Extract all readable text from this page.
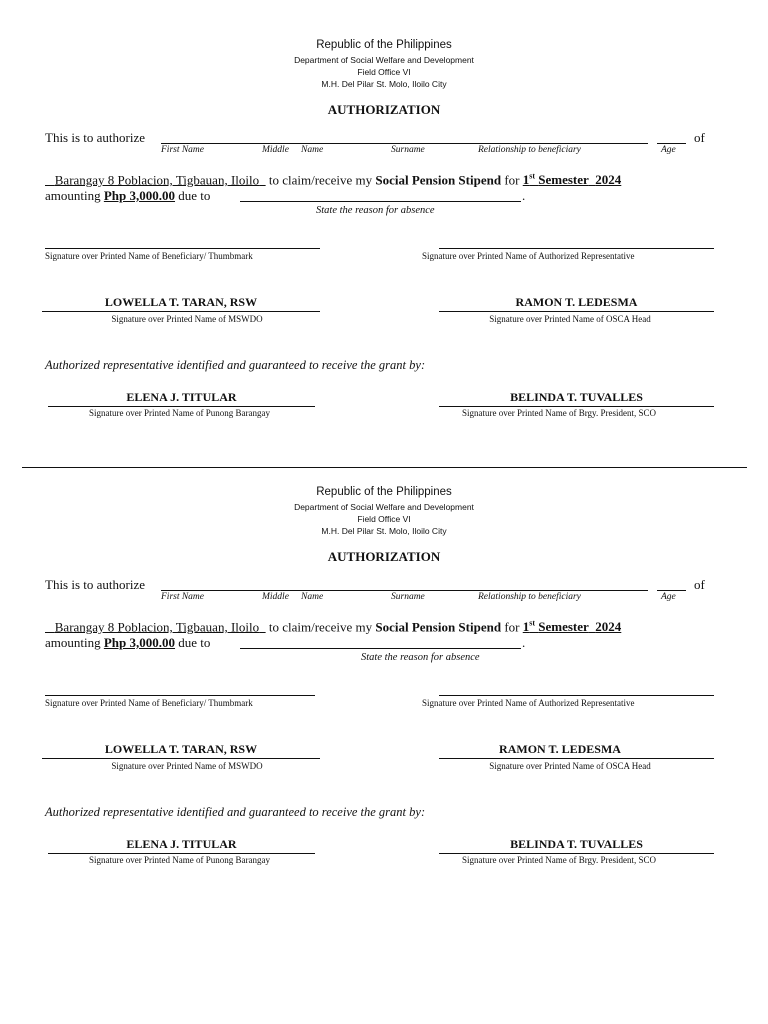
Republic of the Philippines
Department of Social Welfare and Development
Field Office VI
M.H. Del Pilar St. Molo, Iloilo City
AUTHORIZATION
This is to authorize	of
First Name	Middle Name	Surname	Relationship to beneficiary	Age
Barangay 8 Poblacion, Tigbauan, Iloilo to claim/receive my Social Pension Stipend for 1st Semester 2024
amounting Php 3,000.00 due to	.
State the reason for absence
Signature over Printed Name of Beneficiary/ Thumbmark	Signature over Printed Name of Authorized Representative
LOWELLA T. TARAN, RSW
Signature over Printed Name of MSWDO
RAMON T. LEDESMA
Signature over Printed Name of OSCA Head
Authorized representative identified and guaranteed to receive the grant by:
ELENA J. TITULAR
Signature over Printed Name of Punong Barangay
BELINDA T. TUVALLES
Signature over Printed Name of Brgy. President, SCO
Republic of the Philippines
Department of Social Welfare and Development
Field Office VI
M.H. Del Pilar St. Molo, Iloilo City
AUTHORIZATION
This is to authorize	of
First Name	Middle Name	Surname	Relationship to beneficiary	Age
Barangay 8 Poblacion, Tigbauan, Iloilo to claim/receive my Social Pension Stipend for 1st Semester 2024
amounting Php 3,000.00 due to	.
State the reason for absence
Signature over Printed Name of Beneficiary/ Thumbmark	Signature over Printed Name of Authorized Representative
LOWELLA T. TARAN, RSW
Signature over Printed Name of MSWDO
RAMON T. LEDESMA
Signature over Printed Name of OSCA Head
Authorized representative identified and guaranteed to receive the grant by:
ELENA J. TITULAR
Signature over Printed Name of Punong Barangay
BELINDA T. TUVALLES
Signature over Printed Name of Brgy. President, SCO
